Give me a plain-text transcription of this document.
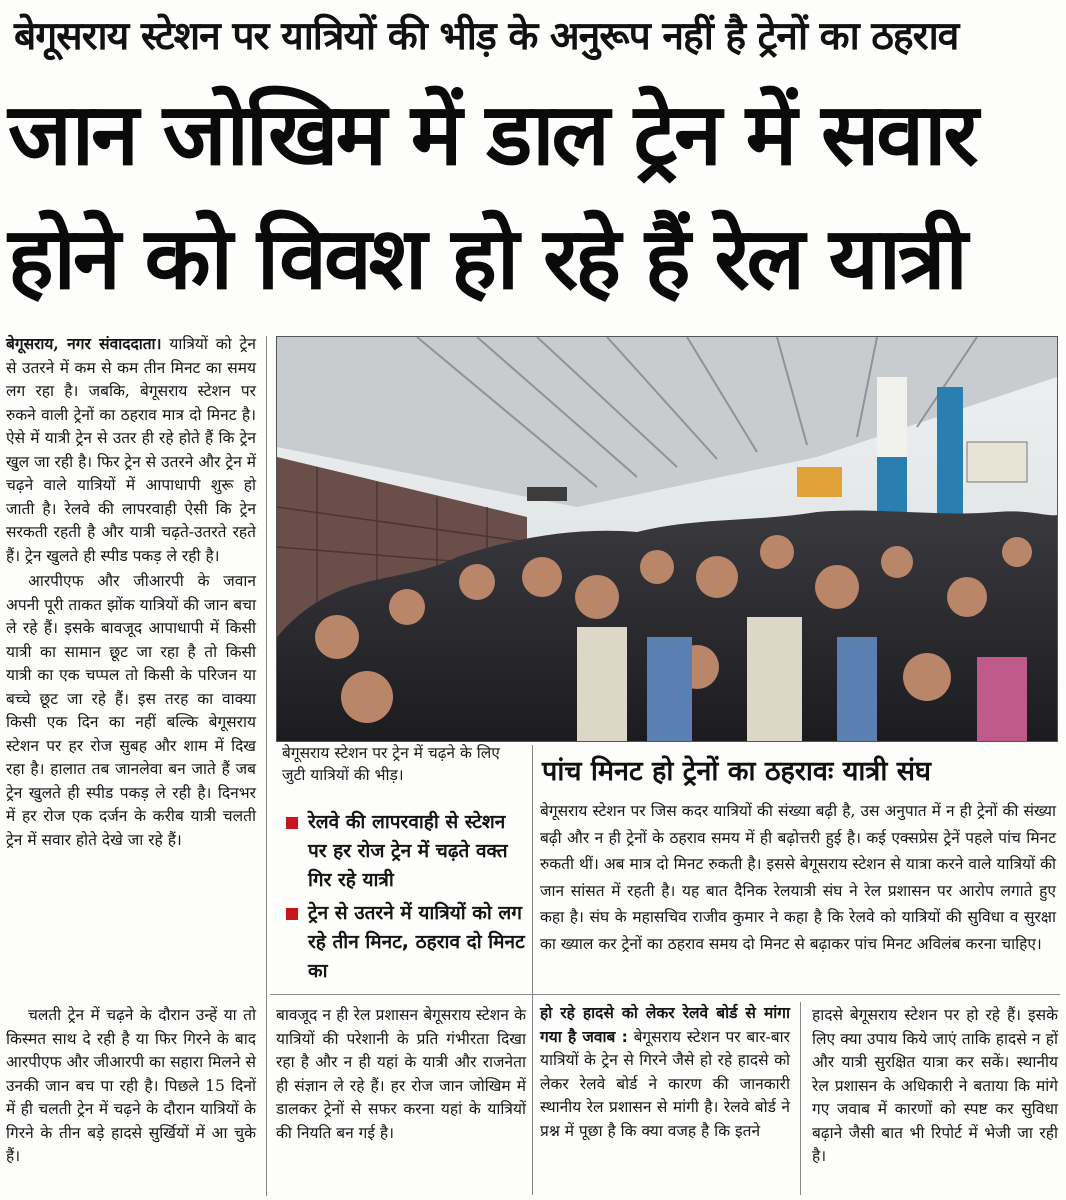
बेगूसराय स्टेशन पर यात्रियों की भीड़ के अनुरूप नहीं है ट्रेनों का ठहराव
जान जोखिम में डाल ट्रेन में सवार
होने को विवश हो रहे हैं रेल यात्री

बेगूसराय, नगर संवाददाता। यात्रियों को ट्रेन से उतरने में कम से कम तीन मिनट का समय लग रहा है। जबकि, बेगूसराय स्टेशन पर रुकने वाली ट्रेनों का ठहराव मात्र दो मिनट है। ऐसे में यात्री ट्रेन से उतर ही रहे होते हैं कि ट्रेन खुल जा रही है। फिर ट्रेन से उतरने और ट्रेन में चढ़ने वाले यात्रियों में आपाधापी शुरू हो जाती है। रेलवे की लापरवाही ऐसी कि ट्रेन सरकती रहती है और यात्री चढ़ते-उतरते रहते हैं। ट्रेन खुलते ही स्पीड पकड़ ले रही है।

आरपीएफ और जीआरपी के जवान अपनी पूरी ताकत झोंक यात्रियों की जान बचा ले रहे हैं। इसके बावजूद आपाधापी में किसी यात्री का सामान छूट जा रहा है तो किसी यात्री का एक चप्पल तो किसी के परिजन या बच्चे छूट जा रहे हैं। इस तरह का वाक्या किसी एक दिन का नहीं बल्कि बेगूसराय स्टेशन पर हर रोज सुबह और शाम में दिख रहा है। हालात तब जानलेवा बन जाते हैं जब ट्रेन खुलते ही स्पीड पकड़ ले रही है। दिनभर में हर रोज एक दर्जन के करीब यात्री चलती ट्रेन में सवार होते देखे जा रहे हैं।

चलती ट्रेन में चढ़ने के दौरान उन्हें या तो किस्मत साथ दे रही है या फिर गिरने के बाद आरपीएफ और जीआरपी का सहारा मिलने से उनकी जान बच पा रही है। पिछले 15 दिनों में ही चलती ट्रेन में चढ़ने के दौरान यात्रियों के गिरने के तीन बड़े हादसे सुर्खियों में आ चुके हैं।

बेगूसराय स्टेशन पर ट्रेन में चढ़ने के लिए जुटी यात्रियों की भीड़।
रेलवे की लापरवाही से स्टेशन पर हर रोज ट्रेन में चढ़ते वक्त गिर रहे यात्री
ट्रेन से उतरने में यात्रियों को लग रहे तीन मिनट, ठहराव दो मिनट का
पांच मिनट हो ट्रेनों का ठहरावः यात्री संघ

बेगूसराय स्टेशन पर जिस कदर यात्रियों की संख्या बढ़ी है, उस अनुपात में न ही ट्रेनों की संख्या बढ़ी और न ही ट्रेनों के ठहराव समय में ही बढ़ोत्तरी हुई है। कई एक्सप्रेस ट्रेनें पहले पांच मिनट रुकती थीं। अब मात्र दो मिनट रुकती है। इससे बेगूसराय स्टेशन से यात्रा करने वाले यात्रियों की जान सांसत में रहती है। यह बात दैनिक रेलयात्री संघ ने रेल प्रशासन पर आरोप लगाते हुए कहा है। संघ के महासचिव राजीव कुमार ने कहा है कि रेलवे को यात्रियों की सुविधा व सुरक्षा का ख्याल कर ट्रेनों का ठहराव समय दो मिनट से बढ़ाकर पांच मिनट अविलंब करना चाहिए।

बावजूद न ही रेल प्रशासन बेगूसराय स्टेशन के यात्रियों की परेशानी के प्रति गंभीरता दिखा रहा है और न ही यहां के यात्री और राजनेता ही संज्ञान ले रहे हैं। हर रोज जान जोखिम में डालकर ट्रेनों से सफर करना यहां के यात्रियों की नियति बन गई है।

हो रहे हादसे को लेकर रेलवे बोर्ड से मांगा गया है जवाब : बेगूसराय स्टेशन पर बार-बार यात्रियों के ट्रेन से गिरने जैसे हो रहे हादसे को लेकर रेलवे बोर्ड ने कारण की जानकारी स्थानीय रेल प्रशासन से मांगी है। रेलवे बोर्ड ने प्रश्न में पूछा है कि क्या वजह है कि इतने

हादसे बेगूसराय स्टेशन पर हो रहे हैं। इसके लिए क्या उपाय किये जाएं ताकि हादसे न हों और यात्री सुरक्षित यात्रा कर सकें। स्थानीय रेल प्रशासन के अधिकारी ने बताया कि मांगे गए जवाब में कारणों को स्पष्ट कर सुविधा बढ़ाने जैसी बात भी रिपोर्ट में भेजी जा रही है।
